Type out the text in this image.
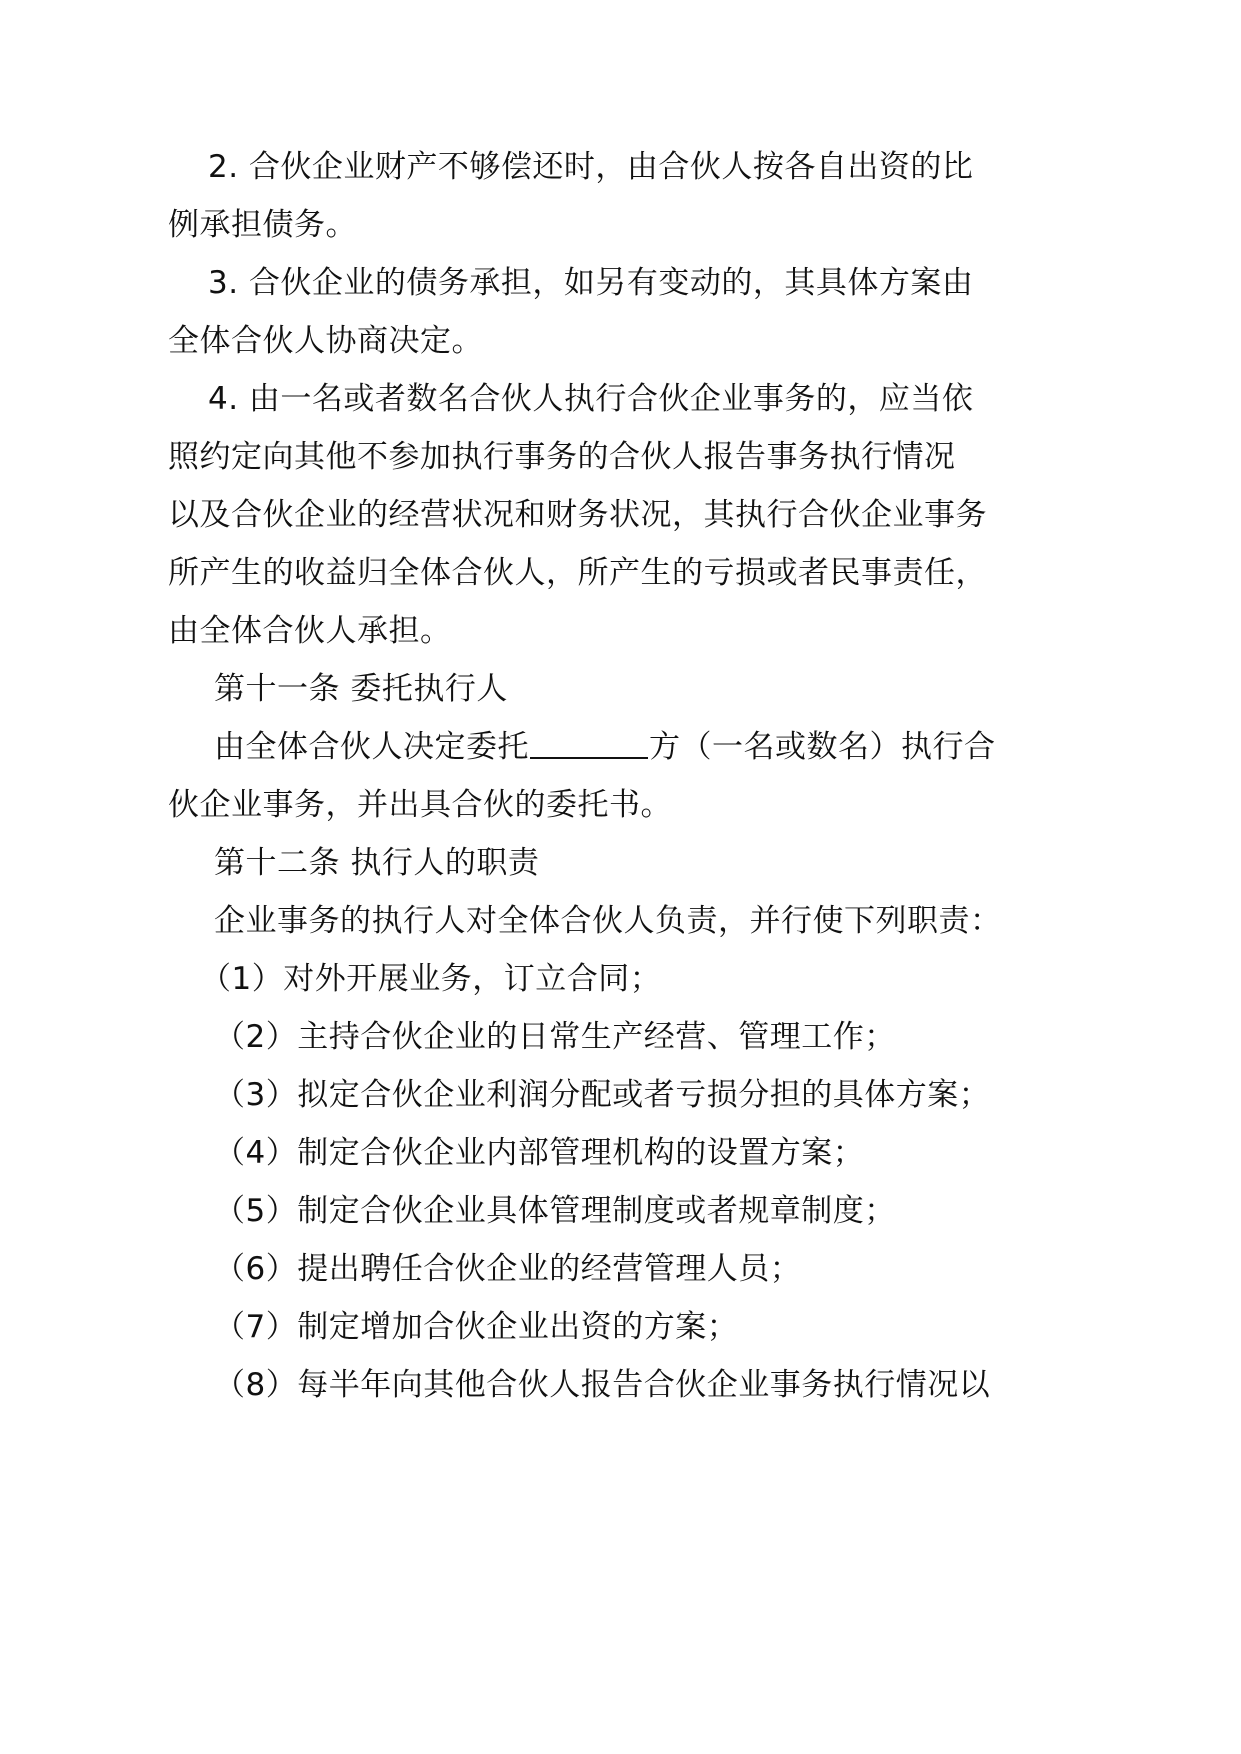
2. 合伙企业财产不够偿还时，由合伙人按各自出资的比
例承担债务。
3. 合伙企业的债务承担，如另有变动的，其具体方案由
全体合伙人协商决定。
4. 由一名或者数名合伙人执行合伙企业事务的，应当依
照约定向其他不参加执行事务的合伙人报告事务执行情况
以及合伙企业的经营状况和财务状况，其执行合伙企业事务
所产生的收益归全体合伙人，所产生的亏损或者民事责任，
由全体合伙人承担。
第十一条 委托执行人
由全体合伙人决定委托	方（一名或数名）执行合
伙企业事务，并出具合伙的委托书。
第十二条 执行人的职责
企业事务的执行人对全体合伙人负责，并行使下列职责：
（1）对外开展业务，订立合同；
（2）主持合伙企业的日常生产经营、管理工作；
（3）拟定合伙企业利润分配或者亏损分担的具体方案；
（4）制定合伙企业内部管理机构的设置方案；
（5）制定合伙企业具体管理制度或者规章制度；
（6）提出聘任合伙企业的经营管理人员；
（7）制定增加合伙企业出资的方案；
（8）每半年向其他合伙人报告合伙企业事务执行情况以
